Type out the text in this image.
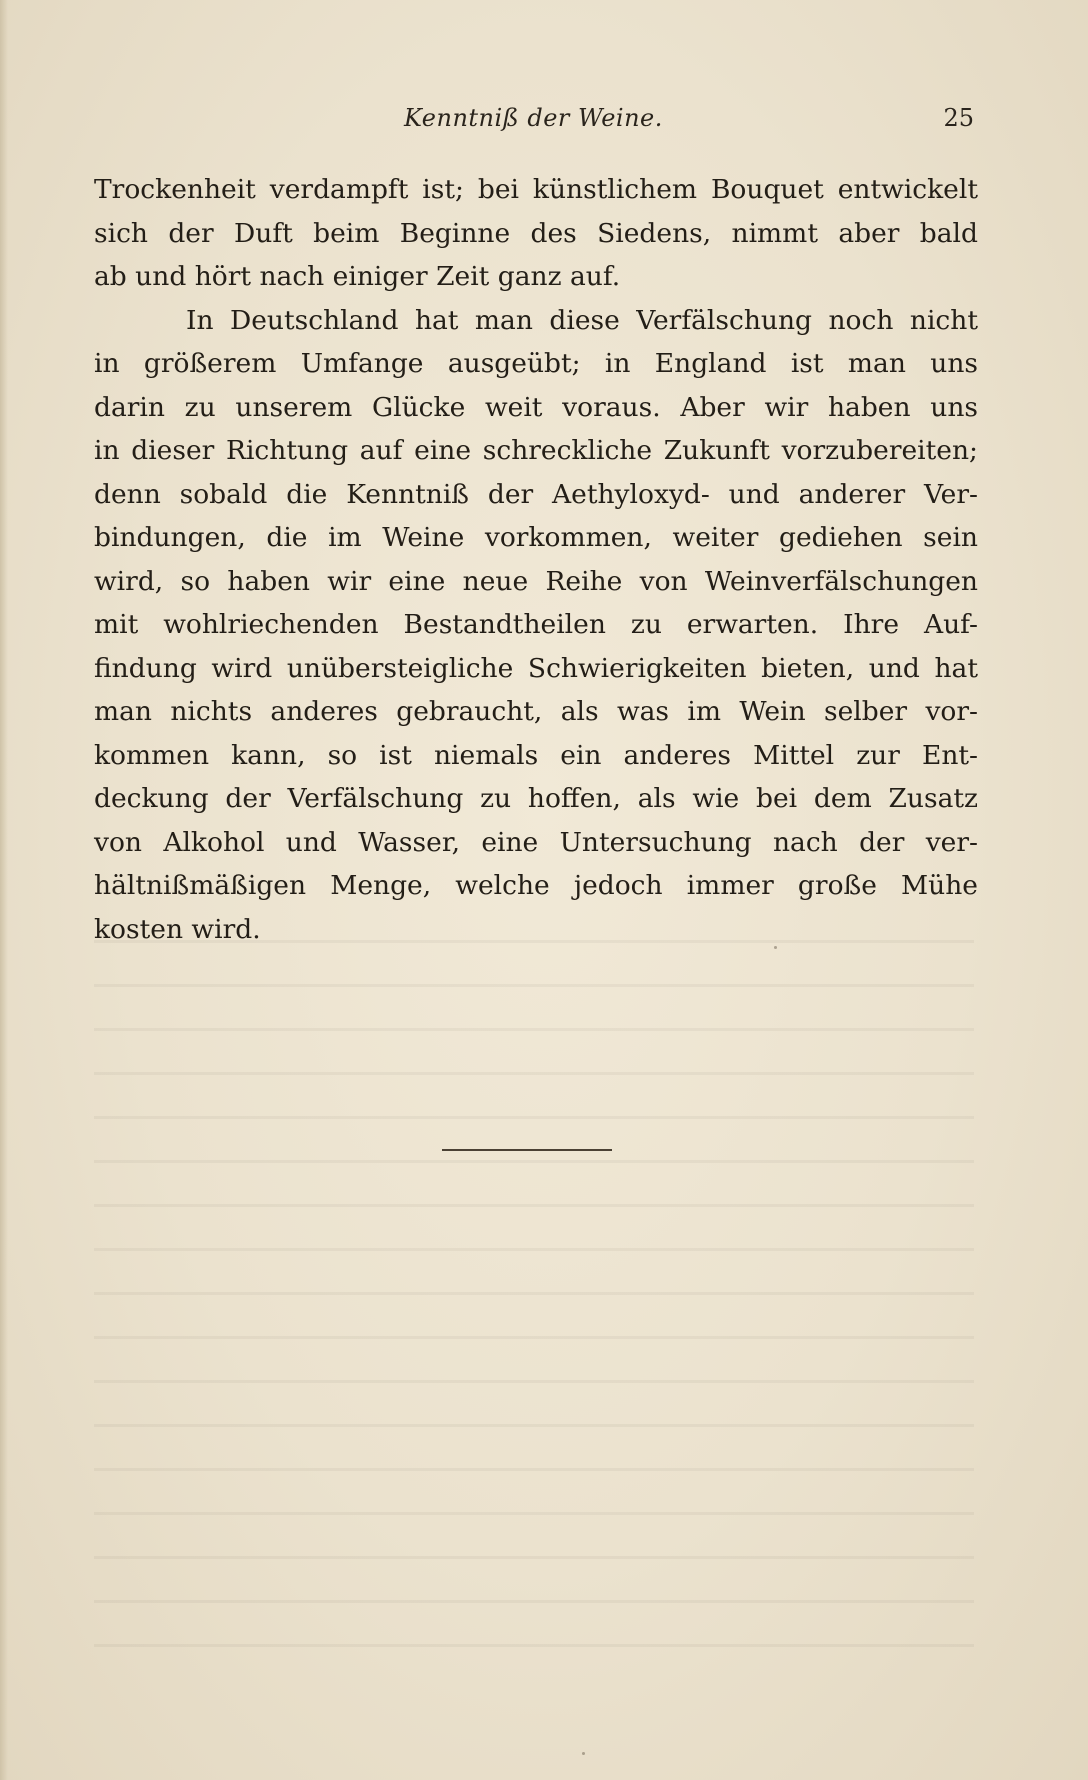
Kenntniß der Weine.	25
Trockenheit verdampft ist; bei künstlichem Bouquet entwickelt
sich der Duft beim Beginne des Siedens, nimmt aber bald
ab und hört nach einiger Zeit ganz auf.
In Deutschland hat man diese Verfälschung noch nicht
in größerem Umfange ausgeübt; in England ist man uns
darin zu unserem Glücke weit voraus. Aber wir haben uns
in dieser Richtung auf eine schreckliche Zukunft vorzubereiten;
denn sobald die Kenntniß der Aethyloxyd- und anderer Ver-
bindungen, die im Weine vorkommen, weiter gediehen sein
wird, so haben wir eine neue Reihe von Weinverfälschungen
mit wohlriechenden Bestandtheilen zu erwarten. Ihre Auf-
findung wird unübersteigliche Schwierigkeiten bieten, und hat
man nichts anderes gebraucht, als was im Wein selber vor-
kommen kann, so ist niemals ein anderes Mittel zur Ent-
deckung der Verfälschung zu hoffen, als wie bei dem Zusatz
von Alkohol und Wasser, eine Untersuchung nach der ver-
hältnißmäßigen Menge, welche jedoch immer große Mühe
kosten wird.
